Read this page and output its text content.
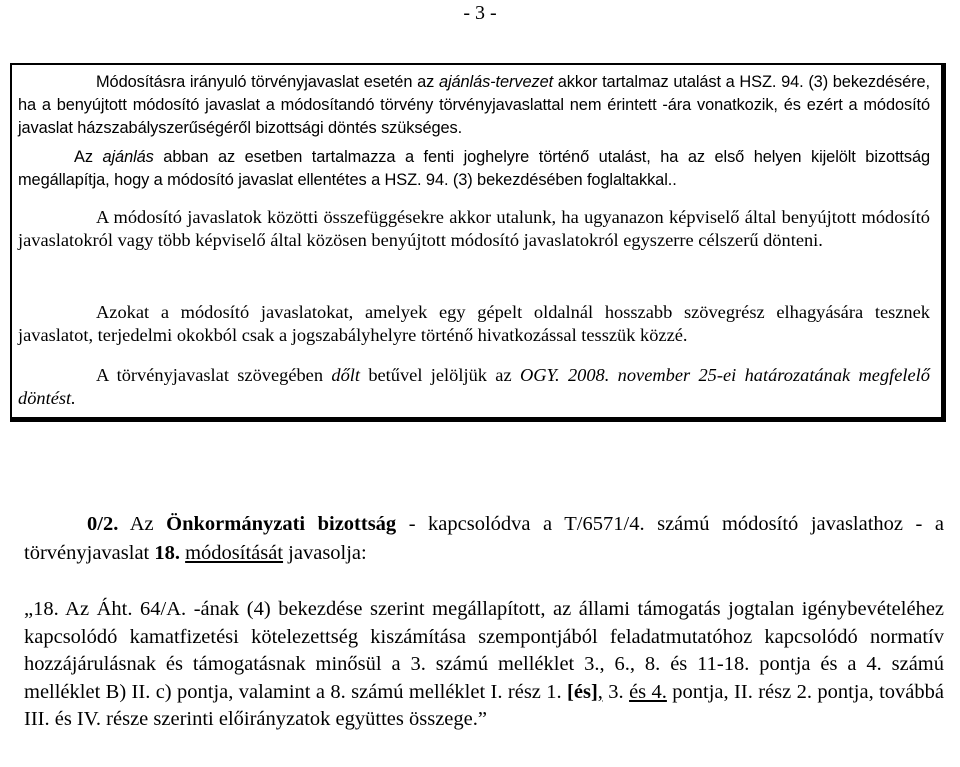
- 3 -

Módosításra irányuló törvényjavaslat esetén az ajánlás-tervezet akkor tartalmaz utalást a HSZ. 94. (3) bekezdésére, ha a benyújtott módosító javaslat a módosítandó törvény törvényjavaslattal nem érintett -ára vonatkozik, és ezért a módosító javaslat házszabályszerűségéről bizottsági döntés szükséges.

Az ajánlás abban az esetben tartalmazza a fenti joghelyre történő utalást, ha az első helyen kijelölt bizottság megállapítja, hogy a módosító javaslat ellentétes a HSZ. 94. (3) bekezdésében foglaltakkal..

A módosító javaslatok közötti összefüggésekre akkor utalunk, ha ugyanazon képviselő által benyújtott módosító javaslatokról vagy több képviselő által közösen benyújtott módosító javaslatokról egyszerre célszerű dönteni.

Azokat a módosító javaslatokat, amelyek egy gépelt oldalnál hosszabb szövegrész elhagyására tesznek javaslatot, terjedelmi okokból csak a jogszabályhelyre történő hivatkozással tesszük közzé.

A törvényjavaslat szövegében dőlt betűvel jelöljük az OGY. 2008. november 25-ei határozatának megfelelő döntést.

0/2. Az Önkormányzati bizottság - kapcsolódva a T/6571/4. számú módosító javaslathoz - a törvényjavaslat 18. módosítását javasolja:

„18. Az Áht. 64/A. -ának (4) bekezdése szerint megállapított, az állami támogatás jogtalan igénybevételéhez kapcsolódó kamatfizetési kötelezettség kiszámítása szempontjából feladatmutatóhoz kapcsolódó normatív hozzájárulásnak és támogatásnak minősül a 3. számú melléklet 3., 6., 8. és 11-18. pontja és a 4. számú melléklet B) II. c) pontja, valamint a 8. számú melléklet I. rész 1. [és], 3. és 4. pontja, II. rész 2. pontja, továbbá III. és IV. része szerinti előirányzatok együttes összege.”
